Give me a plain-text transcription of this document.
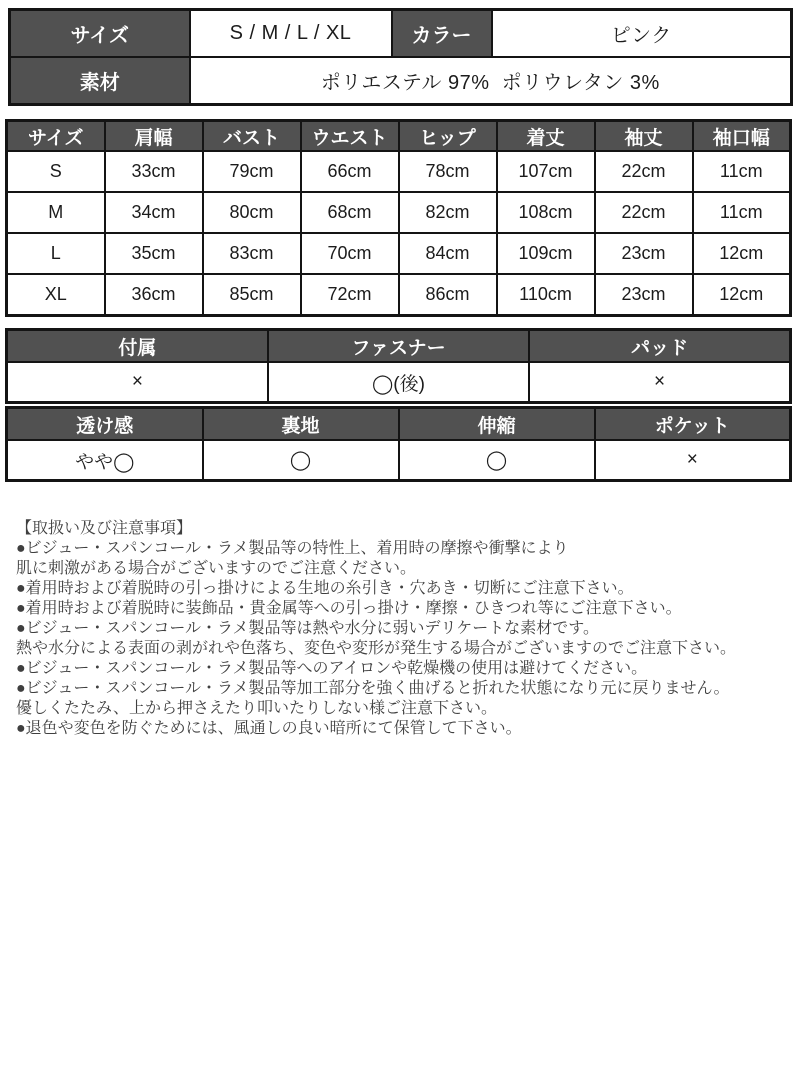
サイズ	S / M / L / XL	カラー	ピンク
素材	ポリエステル 97%  ポリウレタン 3%		
サイズ	肩幅	バスト	ウエスト	ヒップ	着丈	袖丈	袖口幅
S	33cm	79cm	66cm	78cm	107cm	22cm	11cm
M	34cm	80cm	68cm	82cm	108cm	22cm	11cm
L	35cm	83cm	70cm	84cm	109cm	23cm	12cm
XL	36cm	85cm	72cm	86cm	110cm	23cm	12cm
付属	ファスナー	パッド
×	◯(後)	×
透け感	裏地	伸縮	ポケット
やや◯	◯	◯	×
【取扱い及び注意事項】
●ビジュー・スパンコール・ラメ製品等の特性上、着用時の摩擦や衝撃により
肌に刺激がある場合がございますのでご注意ください。
●着用時および着脱時の引っ掛けによる生地の糸引き・穴あき・切断にご注意下さい。
●着用時および着脱時に装飾品・貴金属等への引っ掛け・摩擦・ひきつれ等にご注意下さい。
●ビジュー・スパンコール・ラメ製品等は熱や水分に弱いデリケートな素材です。
熱や水分による表面の剥がれや色落ち、変色や変形が発生する場合がございますのでご注意下さい。
●ビジュー・スパンコール・ラメ製品等へのアイロンや乾燥機の使用は避けてください。
●ビジュー・スパンコール・ラメ製品等加工部分を強く曲げると折れた状態になり元に戻りません。
優しくたたみ、上から押さえたり叩いたりしない様ご注意下さい。
●退色や変色を防ぐためには、風通しの良い暗所にて保管して下さい。
